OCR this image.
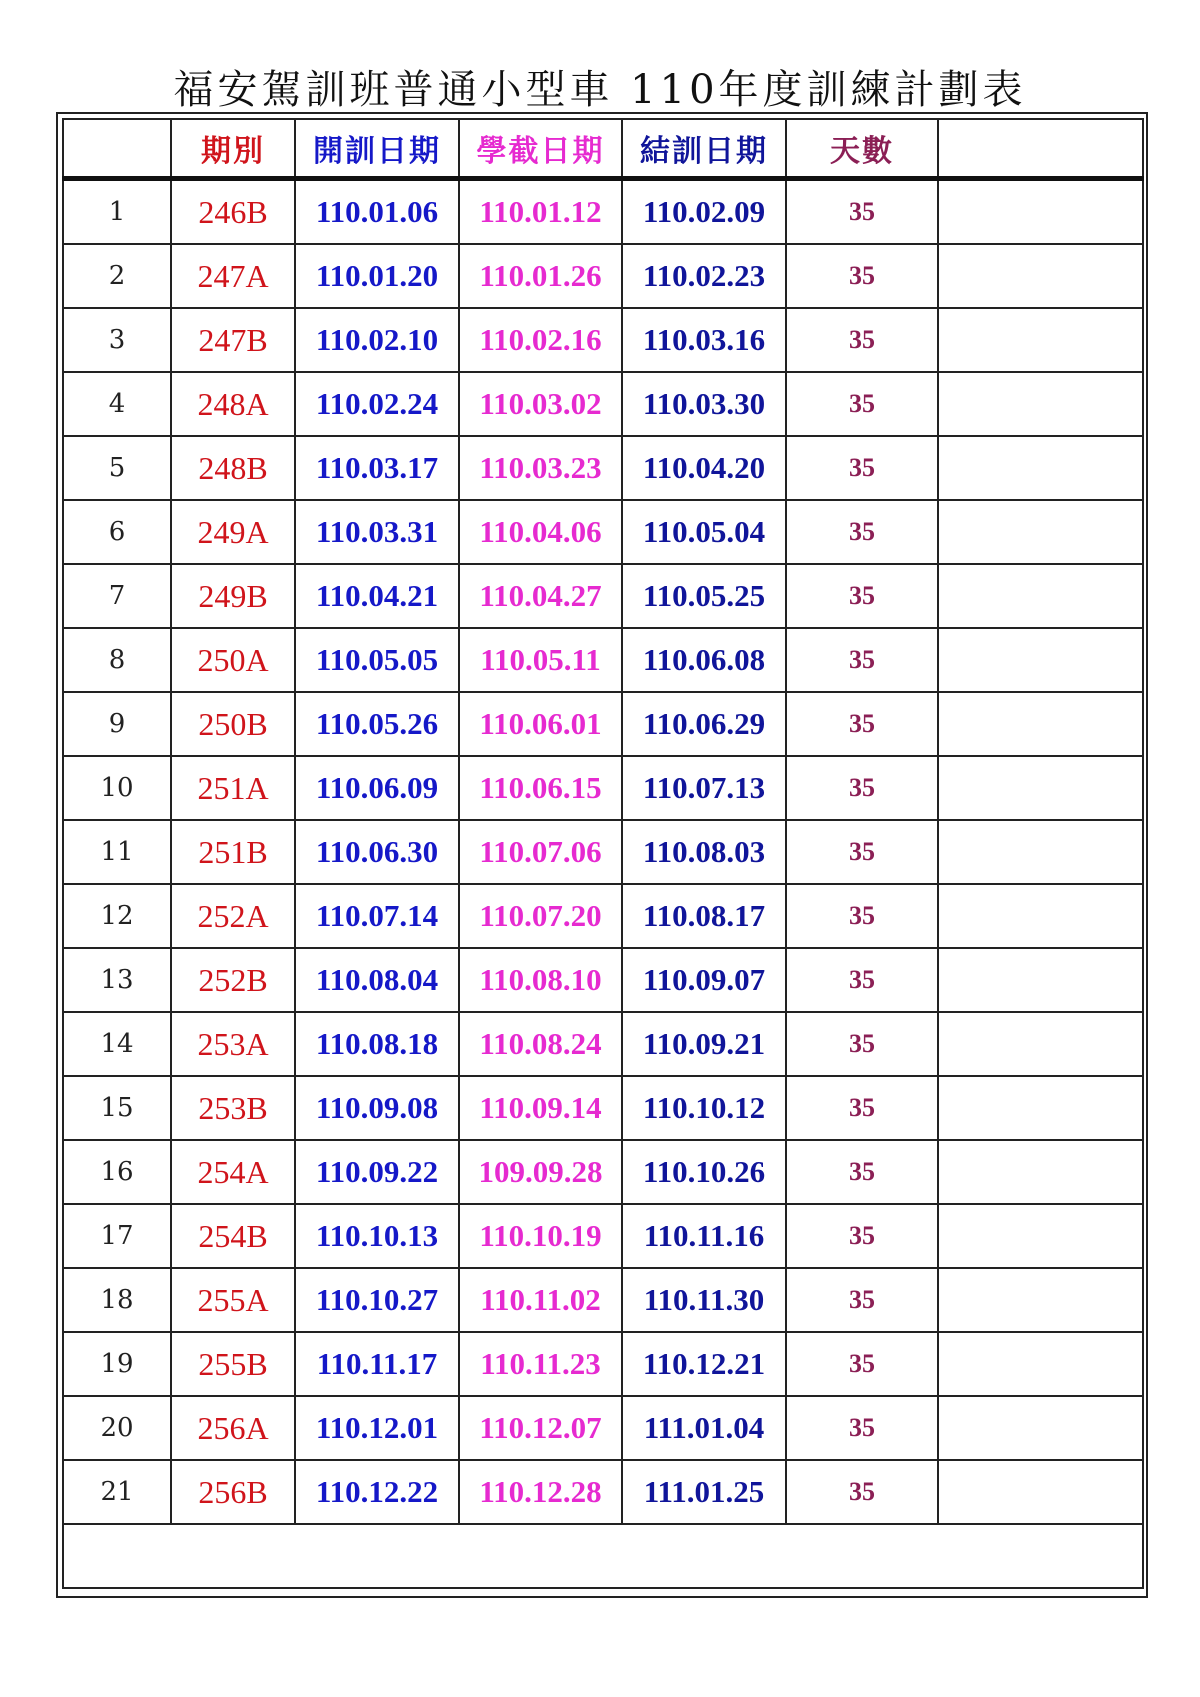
福安駕訓班普通小型車 110年度訓練計劃表
	期別	開訓日期	學截日期	結訓日期	天數	
1	246B	110.01.06	110.01.12	110.02.09	35	
2	247A	110.01.20	110.01.26	110.02.23	35	
3	247B	110.02.10	110.02.16	110.03.16	35	
4	248A	110.02.24	110.03.02	110.03.30	35	
5	248B	110.03.17	110.03.23	110.04.20	35	
6	249A	110.03.31	110.04.06	110.05.04	35	
7	249B	110.04.21	110.04.27	110.05.25	35	
8	250A	110.05.05	110.05.11	110.06.08	35	
9	250B	110.05.26	110.06.01	110.06.29	35	
10	251A	110.06.09	110.06.15	110.07.13	35	
11	251B	110.06.30	110.07.06	110.08.03	35	
12	252A	110.07.14	110.07.20	110.08.17	35	
13	252B	110.08.04	110.08.10	110.09.07	35	
14	253A	110.08.18	110.08.24	110.09.21	35	
15	253B	110.09.08	110.09.14	110.10.12	35	
16	254A	110.09.22	109.09.28	110.10.26	35	
17	254B	110.10.13	110.10.19	110.11.16	35	
18	255A	110.10.27	110.11.02	110.11.30	35	
19	255B	110.11.17	110.11.23	110.12.21	35	
20	256A	110.12.01	110.12.07	111.01.04	35	
21	256B	110.12.22	110.12.28	111.01.25	35	
